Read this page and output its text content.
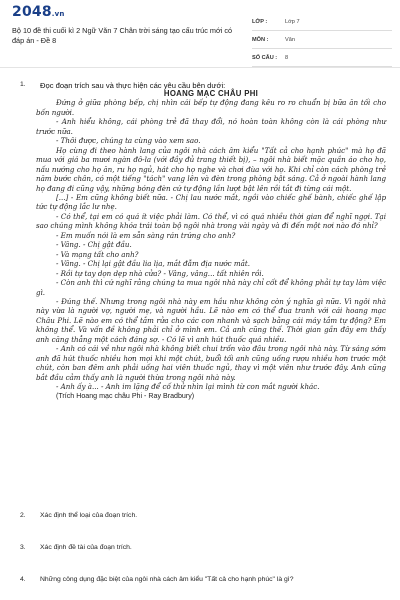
2048.vn
Bộ 10 đề thi cuối kì 2 Ngữ Văn 7 Chân trời sáng tạo cấu trúc mới có đáp án - Đề 8
LỚP :	Lớp 7
MÔN :	Văn
SỐ CÂU :	8
1. Đọc đoạn trích sau và thực hiện các yêu cầu bên dưới:
HOANG MẠC CHÂU PHI

Đứng ở giữa phòng bếp, chị nhìn cái bếp tự động đang kêu ro ro chuẩn bị bữa ăn tối cho bốn người.

- Anh hiểu không, cái phòng trẻ đã thay đổi, nó hoàn toàn không còn là cái phòng như trước nữa.

- Thôi được, chúng ta cùng vào xem sao.

Họ cùng đi theo hành lang của ngôi nhà cách âm kiểu "Tất cả cho hạnh phúc" mà họ đã mua với giá ba mươi ngàn đô-la (với đầy đủ trang thiết bị), – ngôi nhà biết mặc quần áo cho họ, nấu nướng cho họ ăn, ru họ ngủ, hát cho họ nghe và chơi đùa với họ. Khi chỉ còn cách phòng trẻ năm bước chân, có một tiếng "tách" vang lên và đèn trong phòng bật sáng. Cả ở ngoài hành lang họ đang đi cũng vậy, những bóng đèn cứ tự động lần lượt bật lên rồi tắt đi từng cái một.

[...] - Em cũng không biết nữa. - Chị lau nước mắt, ngồi vào chiếc ghế bành, chiếc ghế lập tức tự động lắc lư nhẹ.

- Có thể, tại em có quá ít việc phải làm. Có thể, vì có quá nhiều thời gian để nghĩ ngợi. Tại sao chúng mình không khóa trái toàn bộ ngôi nhà trong vài ngày và đi đến một nơi nào đó nhỉ?

- Em muốn nói là em sẵn sàng rán trứng cho anh?

- Vâng. - Chị gật đầu.

- Và mạng tất cho anh?

- Vâng. - Chị lại gật đầu lia lịa, mắt đẫm địa nước mắt.

- Rồi tự tay dọn dẹp nhà cửa? - Vâng, vâng... tất nhiên rồi.

- Còn anh thì cứ nghĩ rằng chúng ta mua ngôi nhà này chỉ cốt để không phải tự tay làm việc gì.

- Đúng thế. Nhưng trong ngôi nhà này em hầu như không còn ý nghĩa gì nữa. Vì ngôi nhà này vừa là người vợ, người mẹ, và người hầu. Lẽ nào em có thể đua tranh với cái hoang mạc Châu Phi. Lẽ nào em có thể tắm rửa cho các con nhanh và sạch bằng cái máy tắm tự động? Em không thể. Và vấn đề không phải chỉ ở mình em. Cả anh cũng thế. Thời gian gần đây em thấy anh căng thẳng một cách đáng sợ. - Có lẽ vì anh hút thuốc quá nhiều.

- Anh có cái về như ngôi nhà không biết chui trốn vào đâu trong ngôi nhà này. Từ sáng sớm anh đã hút thuốc nhiều hơn mọi khi một chút, buổi tối anh cũng uống rượu nhiều hơn trước một chút, còn ban đêm anh phải uống hai viên thuốc ngủ, thay vì một viên như trước đây. Anh cũng bắt đầu cảm thấy anh là người thừa trong ngôi nhà này.

- Anh ấy à... - Anh im lặng để cố thử nhìn lại mình từ con mắt người khác.

(Trích Hoang mạc châu Phi - Ray Bradbury)

2. Xác định thể loại của đoạn trích.
3. Xác định đề tài của đoạn trích.
4. Những công dụng đặc biệt của ngôi nhà cách âm kiểu "Tất cả cho hạnh phúc" là gì?
